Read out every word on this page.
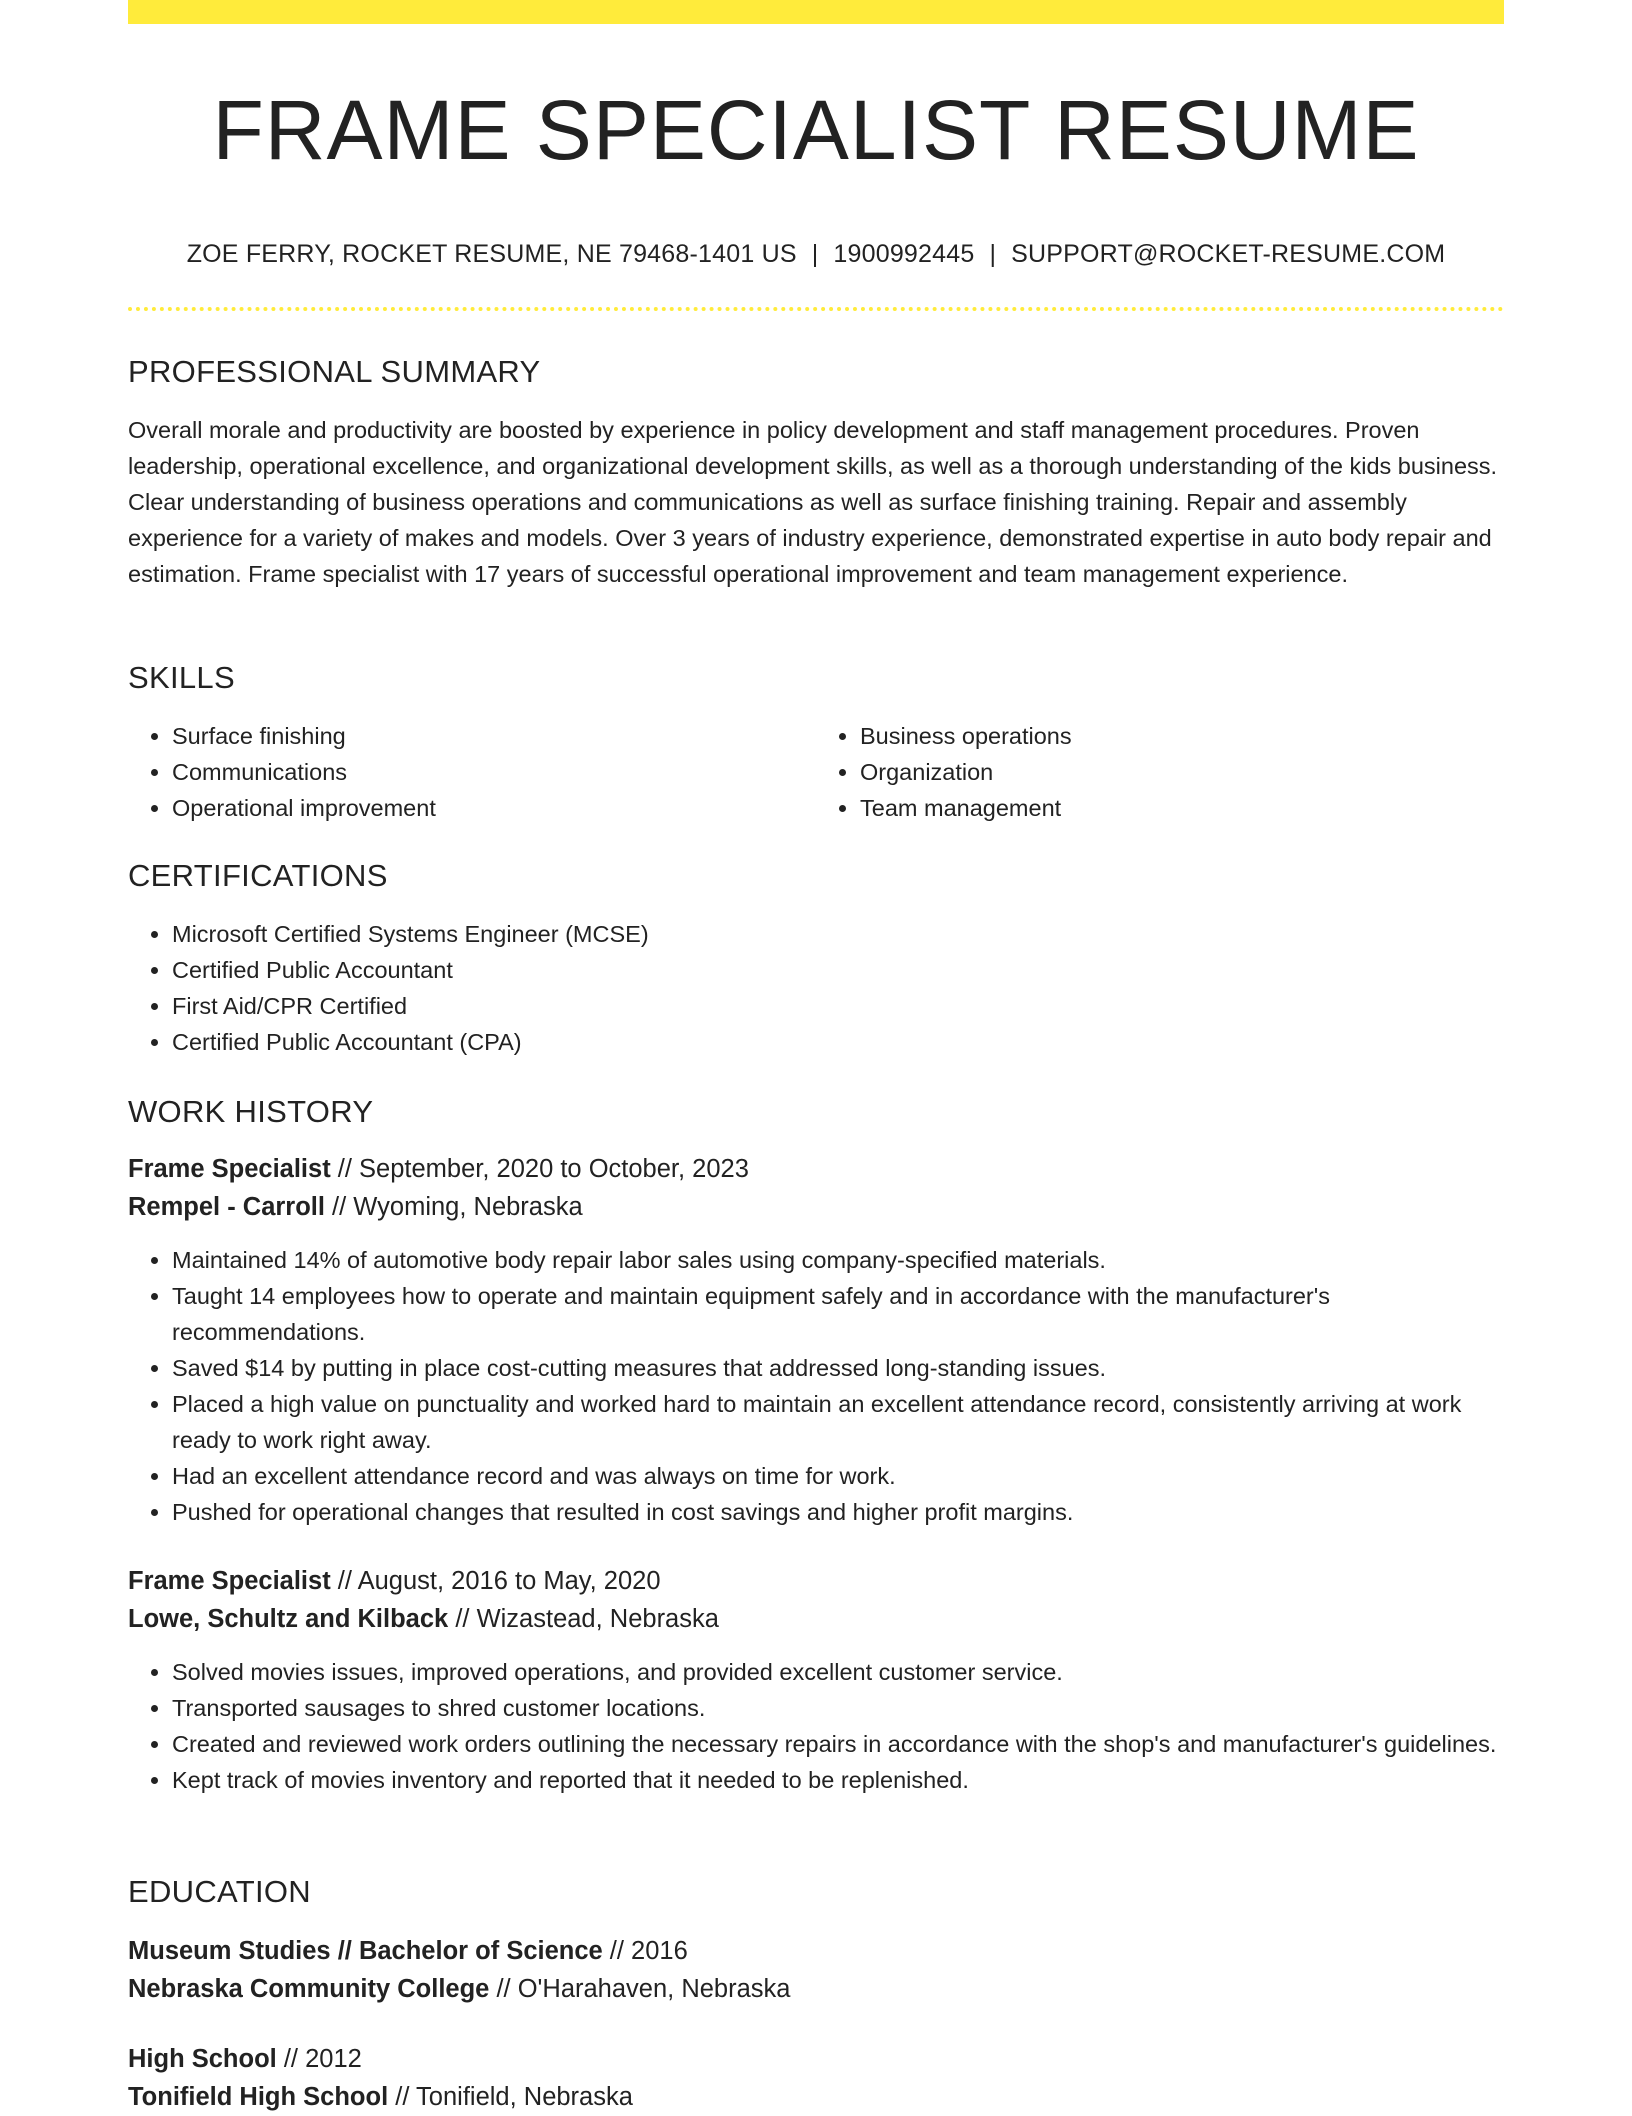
FRAME SPECIALIST RESUME
ZOE FERRY, ROCKET RESUME, NE 79468-1401 US | 1900992445 | SUPPORT@ROCKET-RESUME.COM
PROFESSIONAL SUMMARY
Overall morale and productivity are boosted by experience in policy development and staff management procedures. Proven leadership, operational excellence, and organizational development skills, as well as a thorough understanding of the kids business. Clear understanding of business operations and communications as well as surface finishing training. Repair and assembly experience for a variety of makes and models. Over 3 years of industry experience, demonstrated expertise in auto body repair and estimation. Frame specialist with 17 years of successful operational improvement and team management experience.
SKILLS
• Surface finishing
• Communications
• Operational improvement
• Business operations
• Organization
• Team management
CERTIFICATIONS
• Microsoft Certified Systems Engineer (MCSE)
• Certified Public Accountant
• First Aid/CPR Certified
• Certified Public Accountant (CPA)
WORK HISTORY
Frame Specialist // September, 2020 to October, 2023
Rempel - Carroll // Wyoming, Nebraska
• Maintained 14% of automotive body repair labor sales using company-specified materials.
• Taught 14 employees how to operate and maintain equipment safely and in accordance with the manufacturer's recommendations.
• Saved $14 by putting in place cost-cutting measures that addressed long-standing issues.
• Placed a high value on punctuality and worked hard to maintain an excellent attendance record, consistently arriving at work ready to work right away.
• Had an excellent attendance record and was always on time for work.
• Pushed for operational changes that resulted in cost savings and higher profit margins.
Frame Specialist // August, 2016 to May, 2020
Lowe, Schultz and Kilback // Wizastead, Nebraska
• Solved movies issues, improved operations, and provided excellent customer service.
• Transported sausages to shred customer locations.
• Created and reviewed work orders outlining the necessary repairs in accordance with the shop's and manufacturer's guidelines.
• Kept track of movies inventory and reported that it needed to be replenished.
EDUCATION
Museum Studies // Bachelor of Science // 2016
Nebraska Community College // O'Harahaven, Nebraska
High School // 2012
Tonifield High School // Tonifield, Nebraska
